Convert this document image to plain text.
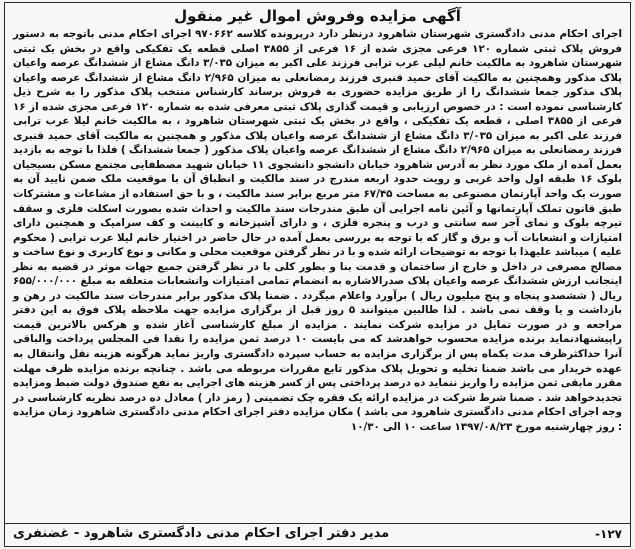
آگهی مزایده وفروش اموال غیر منقول

اجرای احکام مدنی دادگستری شهرستان شاهرود درنظر دارد درپرونده کلاسه ۹۷۰۶۶۲ اجرای احکام مدنی باتوجه به دستور فروش پلاک ثبتی شماره ۱۲۰ فرعی مجزی شده از ۱۶ فرعی از ۳۸۵۵ اصلی قطعه یک تفکیکی واقع در بخش یک ثبتی شهرستان شاهرود به مالکیت خانم لیلی عرب ترابی فرزند علی اکبر به میزان ۳/۰۳۵ دانگ مشاع از ششدانگ عرصه واعیان پلاک مذکور وهمچنین به مالکیت آقای حمید قنبری فرزند رمضانعلی به میزان ۲/۹۶۵ دانگ مشاع از ششدانگ عرصه واعیان پلاک مذکور جمعا ششدانگ را از طریق مزایده حضوری به فروش برساند کارشناس منتخب پلاک مذکور را به شرح ذیل کارشناسی نموده است : در خصوص ارزیابی و قیمت گذاری پلاک ثبتی معرفی شده به شماره ۱۲۰ فرعی مجزی شده از ۱۶ فرعی از ۳۸۵۵ اصلی ، قطعه یک تفکیکی ، واقع در بخش یک ثبتی شهرستان شاهرود ، به مالکیت خانم لیلا عرب ترابی فرزند علی اکبر به میزان ۳/۰۳۵ دانگ مشاع از ششدانگ عرصه واعیان پلاک مذکور و همچنین به مالکیت آقای حمید قنبری فرزند رمضانعلی به میزان ۲/۹۶۵ دانگ مشاع از ششدانگ عرصه واعیان پلاک مذکور ( جمعا ششدانگ ) فلذا با توجه به بازدید بعمل آمده از ملک مورد نظر به آدرس شاهرود خیابان دانشجو دانشجوی ۱۱ خیابان شهید مصطفایی مجتمع مسکن بسیجیان بلوک ۱۶ طبقه اول واحد غربی و رویت حدود اربعه مندرج در سند مالکیت و انطباق آن با موقعیت ملک ضمن تایید آن به صورت یک واحد آپارتمان مصنوعی به مساحت ۶۷/۴۵ متر مربع برابر سند مالکیت ، و با حق استفاده از مشاعات و مشترکات طبق قانون تملک آپارتمانها و آئین نامه اجرایی آن طبق مندرجات سند مالکیت و احداث شده بصورت اسکلت فلزی و سقف تیرچه بلوک و نمای آجر سه سانتی و درب و پنجره فلزی ، و دارای آشپزخانه و کابینت و کف سرامیک و همچنین دارای امتیازات و انشعابات آب و برق و گاز که با توجه به بررسی بعمل آمده در حال حاضر در اختیار خانم لیلا عرب ترابی ( محکوم علیه ) میباشد علیهذا با توجه به توضیحات ارائه شده و با در نظر گرفتن موقعیت محلی و مکانی و نوع کاربری و نوع ساخت و مصالح مصرفی در داخل و خارج از ساختمان و قدمت بنا و بطور کلی با در نظر گرفتن جمیع جهات موثر در قضیه به نظر اینجانب ارزش ششدانگ عرصه واعیان پلاک صدرالاشاره به انضمام تمامی امتیازات وانشعابات متعلقه به مبلغ ۶۵۵/۰۰۰/۰۰۰ ریال ( ششصدو پنجاه و پنج میلیون ریال ) برآورد واعلام میگردد . ضمنا پلاک مذکور برابر مندرجات سند مالکیت در رهن و بازداشت و یا وقف نمی باشد . لذا طالبین میتوانند ۵ روز قبل از برگزاری مزایده جهت ملاحظه پلاک فوق به این دفتر مراجعه و در صورت تمایل در مزایده شرکت نمایند . مزایده از مبلغ کارشناسی آغاز شده و هرکس بالاترین قیمت راپیشنهادنماید برنده مزایده محسوب خواهدشد که می بایست ۱۰ درصد ثمن مزایده را نقدا فی المجلس پرداخت والباقی آنرا حداکثرظرف مدت یکماه پس از برگزاری مزایده به حساب سپرده دادگستری واریز نماید هرگونه هزینه نقل وانتقال به عهده خریدار می باشد ضمنا تخلیه و تحویل پلاک مذکور تابع مقررات مربوطه می باشد . چنانچه برنده مزایده ظرف مهلت مقرر مابقی ثمن مزایده را واریز ننماید ده درصد پرداختی پس از کسر هزینه های اجرایی به نفع صندوق دولت ضبط ومزایده تجدیدخواهد شد . ضمنا شرط شرکت در مزایده ارائه یک فقره چک تضمینی ( رمز دار ) معادل ده درصد نظریه کارشناسی در وجه اجرای احکام مدنی دادگستری شاهرود می باشد ) مکان مزایده دفتر اجرای احکام مدنی دادگستری شاهرود زمان مزایده : روز چهارشنبه مورخ ۱۳۹۷/۰۸/۲۳ ساعت ۱۰ الی ۱۰/۳۰

۱۲۷-
مدیر دفتر اجرای احکام مدنی دادگستری شاهرود - غضنفری
